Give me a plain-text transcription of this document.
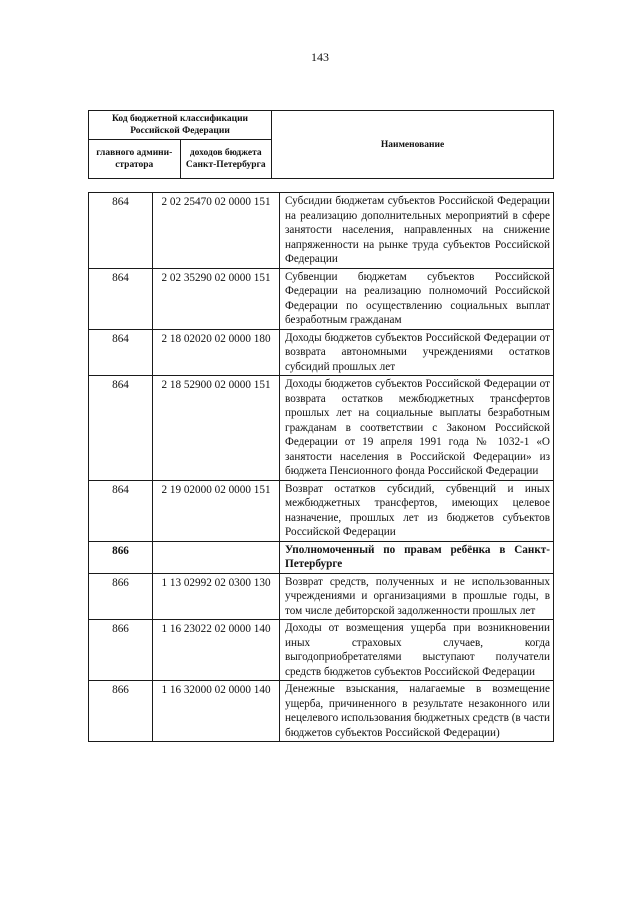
143
Код бюджетной классификации Российской Федерации		Наименование
главного админи-стратора	доходов бюджета Санкт-Петербурга	
864	2 02 25470 02 0000 151	Субсидии бюджетам субъектов Российской Федерации на реализацию дополнительных мероприятий в сфере занятости населения, направленных на снижение напряженности на рынке труда субъектов Российской Федерации
864	2 02 35290 02 0000 151	Субвенции бюджетам субъектов Российской Федерации на реализацию полномочий Российской Федерации по осуществлению социальных выплат безработным гражданам
864	2 18 02020 02 0000 180	Доходы бюджетов субъектов Российской Федерации от возврата автономными учреждениями остатков субсидий прошлых лет
864	2 18 52900 02 0000 151	Доходы бюджетов субъектов Российской Федерации от возврата остатков межбюджетных трансфертов прошлых лет на социальные выплаты безработным гражданам в соответствии с Законом Российской Федерации от 19 апреля 1991 года № 1032-1 «О занятости населения в Российской Федерации» из бюджета Пенсионного фонда Российской Федерации
864	2 19 02000 02 0000 151	Возврат остатков субсидий, субвенций и иных межбюджетных трансфертов, имеющих целевое назначение, прошлых лет из бюджетов субъектов Российской Федерации
866		Уполномоченный по правам ребёнка в Санкт-Петербурге
866	1 13 02992 02 0300 130	Возврат средств, полученных и не использованных учреждениями и организациями в прошлые годы, в том числе дебиторской задолженности прошлых лет
866	1 16 23022 02 0000 140	Доходы от возмещения ущерба при возникновении иных страховых случаев, когда выгодоприобретателями выступают получатели средств бюджетов субъектов Российской Федерации
866	1 16 32000 02 0000 140	Денежные взыскания, налагаемые в возмещение ущерба, причиненного в результате незаконного или нецелевого использования бюджетных средств (в части бюджетов субъектов Российской Федерации)
